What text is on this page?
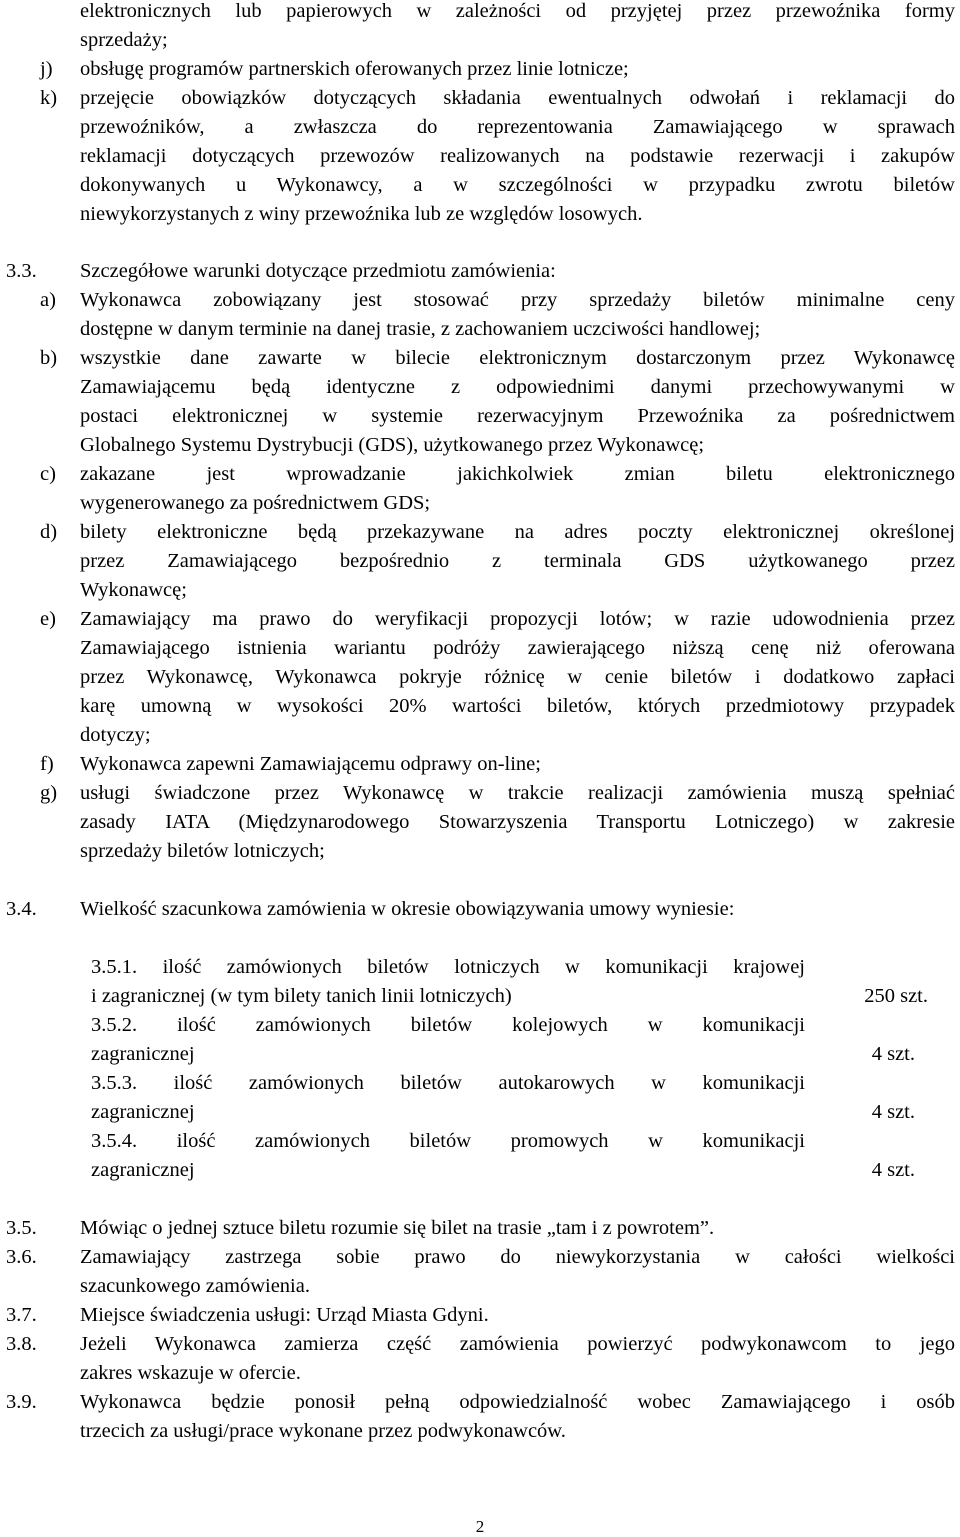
elektronicznych lub papierowych w zależności od przyjętej przez przewoźnika formy
sprzedaży;
j) obsługę programów partnerskich oferowanych przez linie lotnicze;
k) przejęcie obowiązków dotyczących składania ewentualnych odwołań i reklamacji do
przewoźników, a zwłaszcza do reprezentowania Zamawiającego w sprawach
reklamacji dotyczących przewozów realizowanych na podstawie rezerwacji i zakupów
dokonywanych u Wykonawcy, a w szczególności w przypadku zwrotu biletów
niewykorzystanych z winy przewoźnika lub ze względów losowych.
3.3. Szczegółowe warunki dotyczące przedmiotu zamówienia:
a) Wykonawca zobowiązany jest stosować przy sprzedaży biletów minimalne ceny
dostępne w danym terminie na danej trasie, z zachowaniem uczciwości handlowej;
b) wszystkie dane zawarte w bilecie elektronicznym dostarczonym przez Wykonawcę
Zamawiającemu będą identyczne z odpowiednimi danymi przechowywanymi w
postaci elektronicznej w systemie rezerwacyjnym Przewoźnika za pośrednictwem
Globalnego Systemu Dystrybucji (GDS), użytkowanego przez Wykonawcę;
c) zakazane jest wprowadzanie jakichkolwiek zmian biletu elektronicznego
wygenerowanego za pośrednictwem GDS;
d) bilety elektroniczne będą przekazywane na adres poczty elektronicznej określonej
przez Zamawiającego bezpośrednio z terminala GDS użytkowanego przez
Wykonawcę;
e) Zamawiający ma prawo do weryfikacji propozycji lotów; w razie udowodnienia przez
Zamawiającego istnienia wariantu podróży zawierającego niższą cenę niż oferowana
przez Wykonawcę, Wykonawca pokryje różnicę w cenie biletów i dodatkowo zapłaci
karę umowną w wysokości 20% wartości biletów, których przedmiotowy przypadek
dotyczy;
f) Wykonawca zapewni Zamawiającemu odprawy on-line;
g) usługi świadczone przez Wykonawcę w trakcie realizacji zamówienia muszą spełniać
zasady IATA (Międzynarodowego Stowarzyszenia Transportu Lotniczego) w zakresie
sprzedaży biletów lotniczych;
3.4. Wielkość szacunkowa zamówienia w okresie obowiązywania umowy wyniesie:
3.5.1. ilość zamówionych biletów lotniczych w komunikacji krajowej
i zagranicznej (w tym bilety tanich linii lotniczych)	250 szt.
3.5.2. ilość zamówionych biletów kolejowych w komunikacji
zagranicznej	4 szt.
3.5.3. ilość zamówionych biletów autokarowych w komunikacji
zagranicznej	4 szt.
3.5.4. ilość zamówionych biletów promowych w komunikacji
zagranicznej	4 szt.
3.5. Mówiąc o jednej sztuce biletu rozumie się bilet na trasie „tam i z powrotem”.
3.6. Zamawiający zastrzega sobie prawo do niewykorzystania w całości wielkości
szacunkowego zamówienia.
3.7. Miejsce świadczenia usługi: Urząd Miasta Gdyni.
3.8. Jeżeli Wykonawca zamierza część zamówienia powierzyć podwykonawcom to jego
zakres wskazuje w ofercie.
3.9. Wykonawca będzie ponosił pełną odpowiedzialność wobec Zamawiającego i osób
trzecich za usługi/prace wykonane przez podwykonawców.
2
